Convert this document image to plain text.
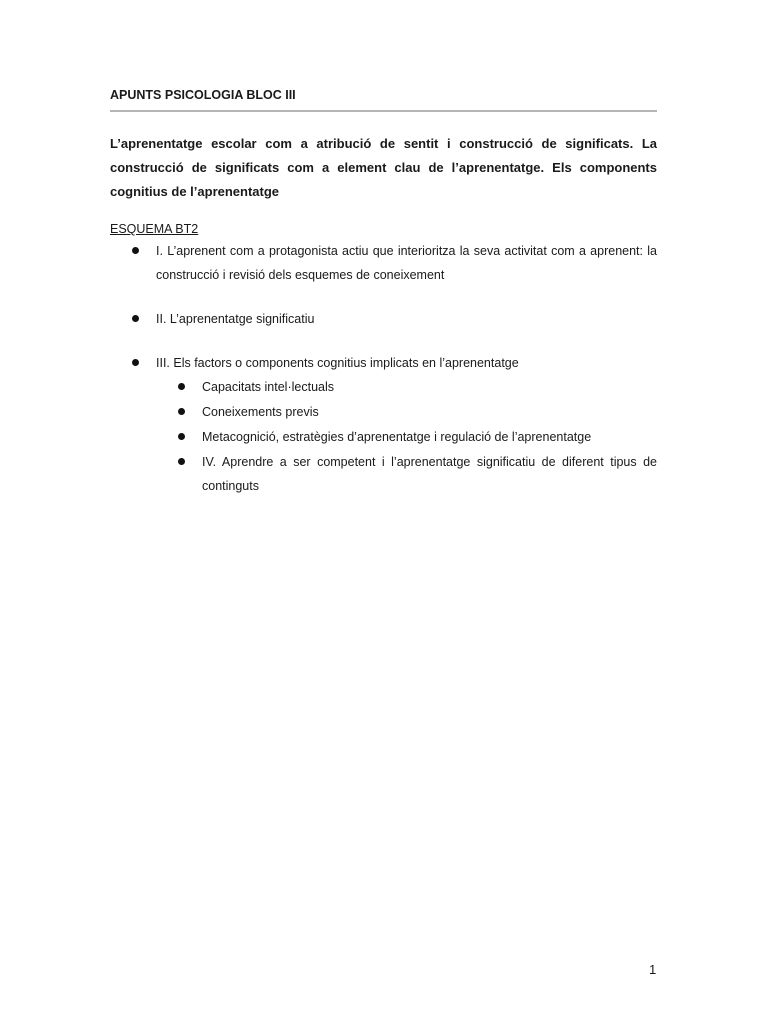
APUNTS PSICOLOGIA BLOC III
L’aprenentatge escolar com a atribució de sentit i construcció de significats. La construcció de significats com a element clau de l’aprenentatge. Els components cognitius de l’aprenentatge
ESQUEMA BT2
I. L’aprenent com a protagonista actiu que interioritza la seva activitat com a aprenent: la construcció i revisió dels esquemes de coneixement
II. L’aprenentatge significatiu
III. Els factors o components cognitius implicats en l’aprenentatge
Capacitats intel·lectuals
Coneixements previs
Metacognició, estratègies d’aprenentatge i regulació de l’aprenentatge
IV. Aprendre a ser competent i l’aprenentatge significatiu de diferent tipus de continguts
1
